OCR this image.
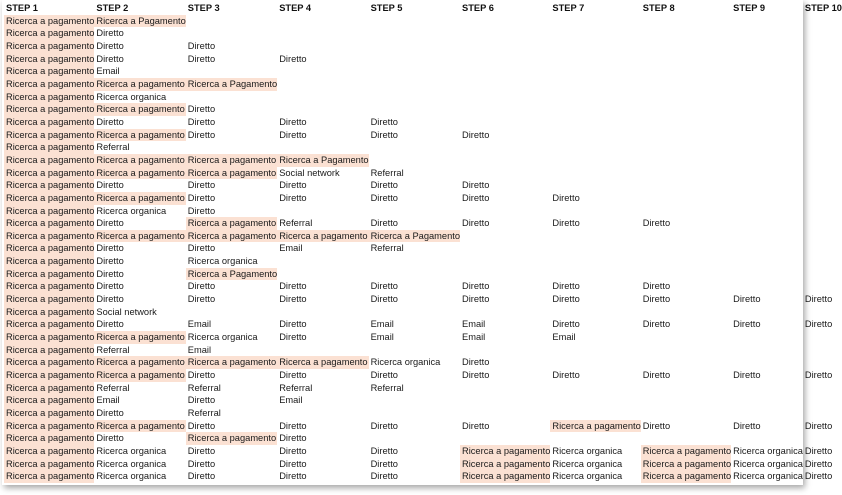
STEP 1	STEP 2	STEP 3	STEP 4	STEP 5	STEP 6	STEP 7	STEP 8	STEP 9	STEP 10
Ricerca a pagamento	Ricerca a Pagamento								
Ricerca a pagamento	Diretto								
Ricerca a pagamento	Diretto	Diretto							
Ricerca a pagamento	Diretto	Diretto	Diretto						
Ricerca a pagamento	Email								
Ricerca a pagamento	Ricerca a pagamento	Ricerca a Pagamento							
Ricerca a pagamento	Ricerca organica								
Ricerca a pagamento	Ricerca a pagamento	Diretto							
Ricerca a pagamento	Diretto	Diretto	Diretto	Diretto					
Ricerca a pagamento	Ricerca a pagamento	Diretto	Diretto	Diretto	Diretto				
Ricerca a pagamento	Referral								
Ricerca a pagamento	Ricerca a pagamento	Ricerca a pagamento	Ricerca a Pagamento						
Ricerca a pagamento	Ricerca a pagamento	Ricerca a pagamento	Social network	Referral					
Ricerca a pagamento	Diretto	Diretto	Diretto	Diretto	Diretto				
Ricerca a pagamento	Ricerca a pagamento	Diretto	Diretto	Diretto	Diretto	Diretto			
Ricerca a pagamento	Ricerca organica	Diretto							
Ricerca a pagamento	Diretto	Ricerca a pagamento	Referral	Diretto	Diretto	Diretto	Diretto		
Ricerca a pagamento	Ricerca a pagamento	Ricerca a pagamento	Ricerca a pagamento	Ricerca a Pagamento					
Ricerca a pagamento	Diretto	Diretto	Email	Referral					
Ricerca a pagamento	Diretto	Ricerca organica							
Ricerca a pagamento	Diretto	Ricerca a Pagamento							
Ricerca a pagamento	Diretto	Diretto	Diretto	Diretto	Diretto	Diretto	Diretto		
Ricerca a pagamento	Diretto	Diretto	Diretto	Diretto	Diretto	Diretto	Diretto	Diretto	Diretto
Ricerca a pagamento	Social network								
Ricerca a pagamento	Diretto	Email	Diretto	Email	Email	Diretto	Diretto	Diretto	Diretto
Ricerca a pagamento	Ricerca a pagamento	Ricerca organica	Diretto	Email	Email	Email			
Ricerca a pagamento	Referral	Email							
Ricerca a pagamento	Ricerca a pagamento	Ricerca a pagamento	Ricerca a pagamento	Ricerca organica	Diretto				
Ricerca a pagamento	Ricerca a pagamento	Diretto	Diretto	Diretto	Diretto	Diretto	Diretto	Diretto	Diretto
Ricerca a pagamento	Referral	Referral	Referral	Referral					
Ricerca a pagamento	Email	Diretto	Email						
Ricerca a pagamento	Diretto	Referral							
Ricerca a pagamento	Ricerca a pagamento	Diretto	Diretto	Diretto	Diretto	Ricerca a pagamento	Diretto	Diretto	Diretto
Ricerca a pagamento	Diretto	Ricerca a pagamento	Diretto						
Ricerca a pagamento	Ricerca organica	Diretto	Diretto	Diretto	Ricerca a pagamento	Ricerca organica	Ricerca a pagamento	Ricerca organica	Diretto
Ricerca a pagamento	Ricerca organica	Diretto	Diretto	Diretto	Ricerca a pagamento	Ricerca organica	Ricerca a pagamento	Ricerca organica	Diretto
Ricerca a pagamento	Ricerca organica	Diretto	Diretto	Diretto	Ricerca a pagamento	Ricerca organica	Ricerca a pagamento	Ricerca organica	Diretto
